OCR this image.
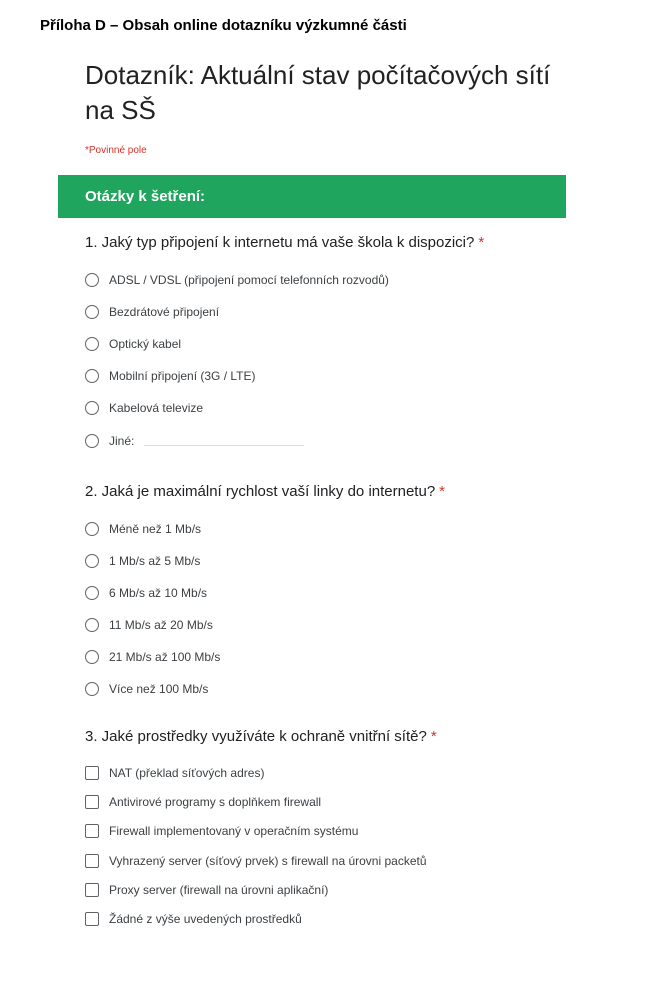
Příloha D – Obsah online dotazníku výzkumné části
Dotazník: Aktuální stav počítačových sítí na SŠ
*Povinné pole
Otázky k šetření:
1. Jaký typ připojení k internetu má vaše škola k dispozici? *
ADSL / VDSL (připojení pomocí telefonních rozvodů)
Bezdrátové připojení
Optický kabel
Mobilní připojení (3G / LTE)
Kabelová televize
Jiné:
2. Jaká je maximální rychlost vaší linky do internetu? *
Méně než 1 Mb/s
1 Mb/s až 5 Mb/s
6 Mb/s až 10 Mb/s
11 Mb/s až 20 Mb/s
21 Mb/s až 100 Mb/s
Více než 100 Mb/s
3. Jaké prostředky využíváte k ochraně vnitřní sítě? *
NAT (překlad síťových adres)
Antivirové programy s doplňkem firewall
Firewall implementovaný v operačním systému
Vyhrazený server (síťový prvek) s firewall na úrovni packetů
Proxy server (firewall na úrovni aplikační)
Žádné z výše uvedených prostředků
